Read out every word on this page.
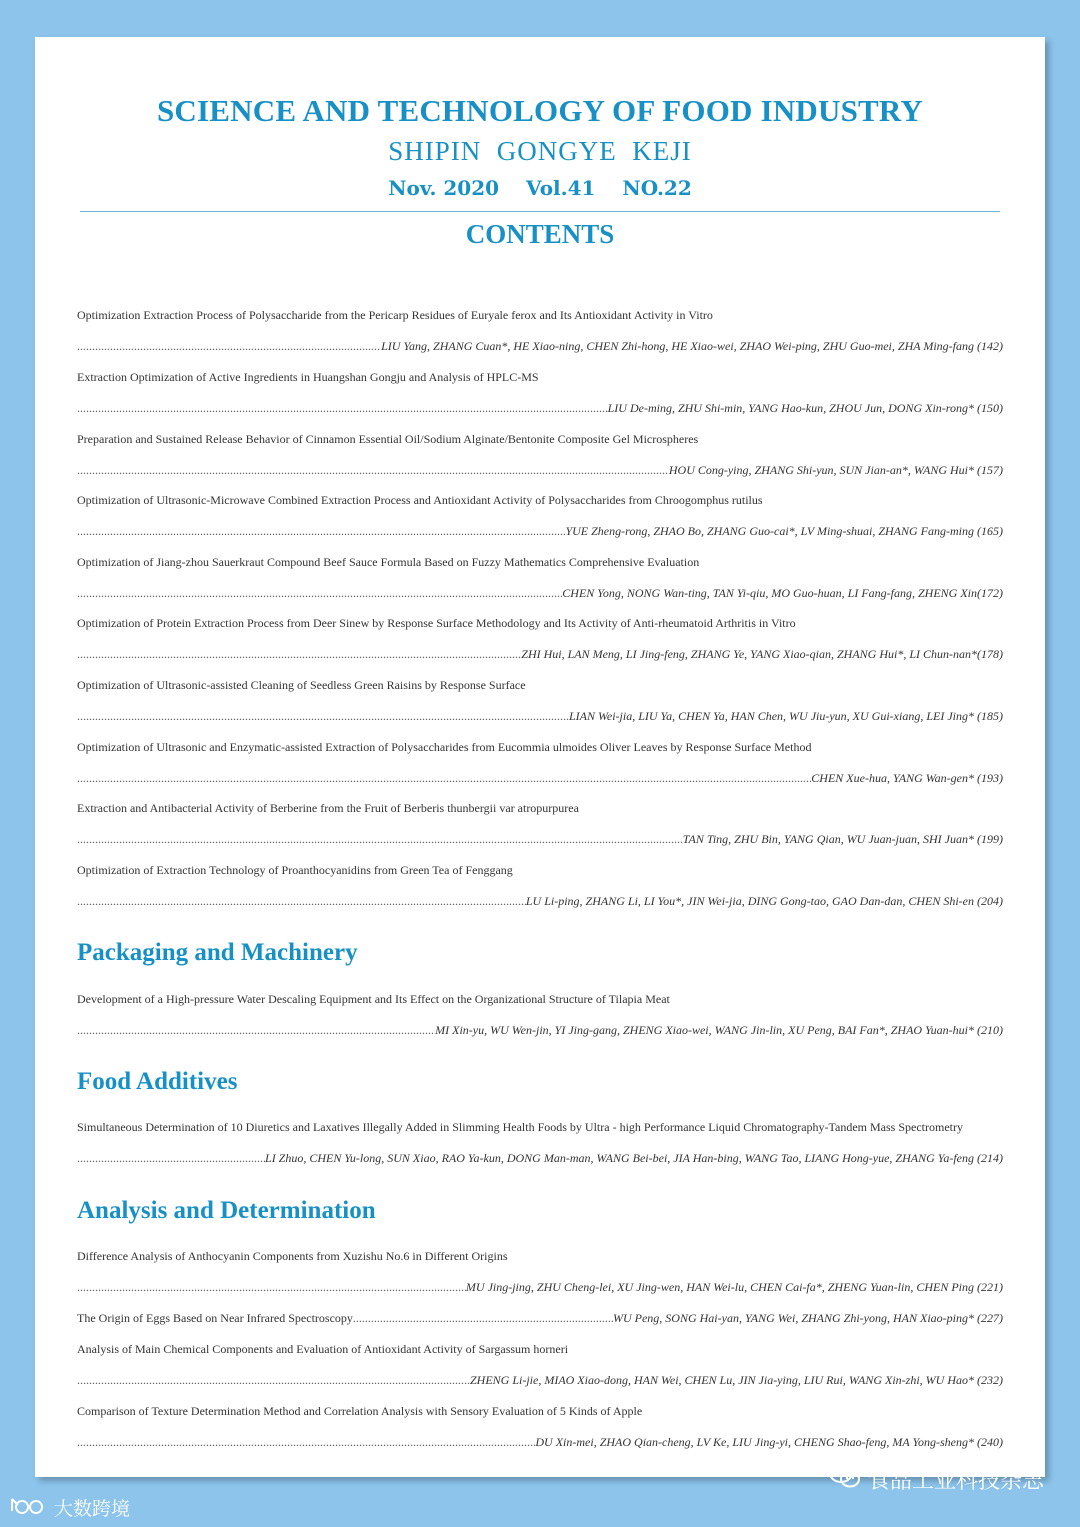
SCIENCE AND TECHNOLOGY OF FOOD INDUSTRY
SHIPIN  GONGYE  KEJI
Nov. 2020 Vol.41 NO.22
CONTENTS
Optimization Extraction Process of Polysaccharide from the Pericarp Residues of Euryale ferox and Its Antioxidant Activity in Vitro
.....
LIU Yang, ZHANG Cuan*, HE Xiao-ning, CHEN Zhi-hong, HE Xiao-wei, ZHAO Wei-ping, ZHU Guo-mei, ZHA Ming-fang (142)
Extraction Optimization of Active Ingredients in Huangshan Gongju and Analysis of HPLC-MS
.....
LIU De-ming, ZHU Shi-min, YANG Hao-kun, ZHOU Jun, DONG Xin-rong* (150)
Preparation and Sustained Release Behavior of Cinnamon Essential Oil/Sodium Alginate/Bentonite Composite Gel Microspheres
.....
HOU Cong-ying, ZHANG Shi-yun, SUN Jian-an*, WANG Hui* (157)
Optimization of Ultrasonic-Microwave Combined Extraction Process and Antioxidant Activity of Polysaccharides from Chroogomphus rutilus
.....
YUE Zheng-rong, ZHAO Bo, ZHANG Guo-cai*, LV Ming-shuai, ZHANG Fang-ming (165)
Optimization of Jiang-zhou Sauerkraut Compound Beef Sauce Formula Based on Fuzzy Mathematics Comprehensive Evaluation
.....
CHEN Yong, NONG Wan-ting, TAN Yi-qiu, MO Guo-huan, LI Fang-fang, ZHENG Xin(172)
Optimization of Protein Extraction Process from Deer Sinew by Response Surface Methodology and Its Activity of Anti-rheumatoid Arthritis in Vitro
.....
ZHI Hui, LAN Meng, LI Jing-feng, ZHANG Ye, YANG Xiao-qian, ZHANG Hui*, LI Chun-nan*(178)
Optimization of Ultrasonic-assisted Cleaning of Seedless Green Raisins by Response Surface
.....
LIAN Wei-jia, LIU Ya, CHEN Ya, HAN Chen, WU Jiu-yun, XU Gui-xiang, LEI Jing* (185)
Optimization of Ultrasonic and Enzymatic-assisted Extraction of Polysaccharides from Eucommia ulmoides Oliver Leaves by Response Surface Method
.....
CHEN Xue-hua, YANG Wan-gen* (193)
Extraction and Antibacterial Activity of Berberine from the Fruit of Berberis thunbergii var atropurpurea
.....
TAN Ting, ZHU Bin, YANG Qian, WU Juan-juan, SHI Juan* (199)
Optimization of Extraction Technology of Proanthocyanidins from Green Tea of Fenggang
.....
LU Li-ping, ZHANG Li, LI You*, JIN Wei-jia, DING Gong-tao, GAO Dan-dan, CHEN Shi-en (204)
Packaging and Machinery
Development of a High-pressure Water Descaling Equipment and Its Effect on the Organizational Structure of Tilapia Meat
.....
MI Xin-yu, WU Wen-jin, YI Jing-gang, ZHENG Xiao-wei, WANG Jin-lin, XU Peng, BAI Fan*, ZHAO Yuan-hui* (210)
Food Additives
Simultaneous Determination of 10 Diuretics and Laxatives Illegally Added in Slimming Health Foods by Ultra - high Performance Liquid Chromatography-Tandem Mass Spectrometry
.....
LI Zhuo, CHEN Yu-long, SUN Xiao, RAO Ya-kun, DONG Man-man, WANG Bei-bei, JIA Han-bing, WANG Tao, LIANG Hong-yue, ZHANG Ya-feng (214)
Analysis and Determination
Difference Analysis of Anthocyanin Components from Xuzishu No.6 in Different Origins
.....
MU Jing-jing, ZHU Cheng-lei, XU Jing-wen, HAN Wei-lu, CHEN Cai-fa*, ZHENG Yuan-lin, CHEN Ping (221)
The Origin of Eggs Based on Near Infrared Spectroscopy
.....	WU Peng, SONG Hai-yan, YANG Wei, ZHANG Zhi-yong, HAN Xiao-ping* (227)
Analysis of Main Chemical Components and Evaluation of Antioxidant Activity of Sargassum horneri
.....
ZHENG Li-jie, MIAO Xiao-dong, HAN Wei, CHEN Lu, JIN Jia-ying, LIU Rui, WANG Xin-zhi, WU Hao* (232)
Comparison of Texture Determination Method and Correlation Analysis with Sensory Evaluation of 5 Kinds of Apple
.....
DU Xin-mei, ZHAO Qian-cheng, LV Ke, LIU Jing-yi, CHENG Shao-feng, MA Yong-sheng* (240)
食品工业科技杂志
大数跨境
